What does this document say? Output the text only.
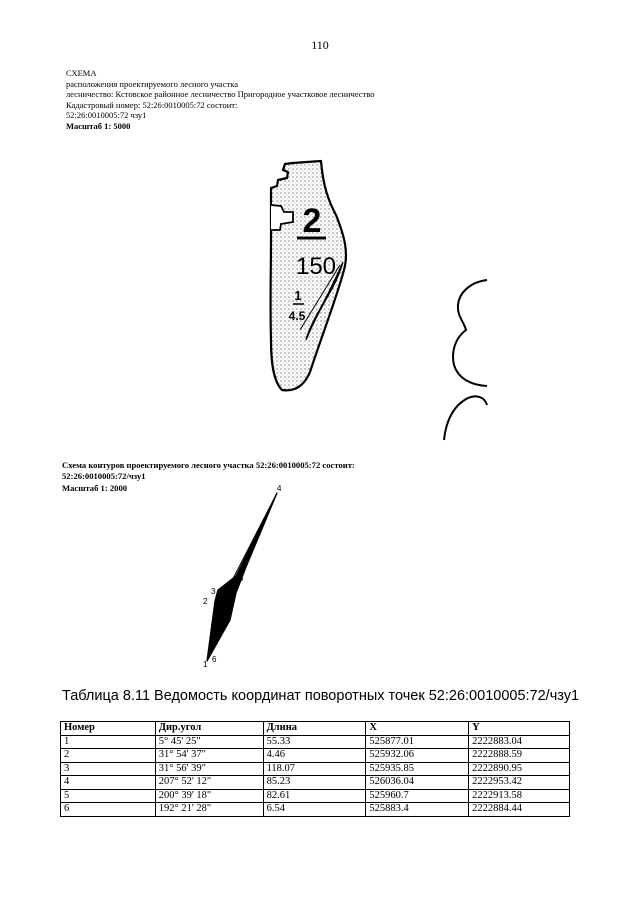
110
СХЕМА
расположения проектируемого лесного участка
лесничество: Кстовское районное лесничество Пригородное участковое лесничество
Кадастровый номер: 52:26:0010005:72 состоит:
52:26:0010005:72 чзу1
Масштаб 1: 5000
2
150
1
4.5
Схема контуров проектируемого лесного участка 52:26:0010005:72 состоит:
52:26:0010005:72/чзу1
Масштаб 1: 2000	4
5
3
2
1
6
Таблица 8.11 Ведомость координат поворотных точек 52:26:0010005:72/чзу1
Номер	Дир.угол	Длина	X	Y
1	5° 45' 25"	55.33	525877.01	2222883.04
2	31° 54' 37"	4.46	525932.06	2222888.59
3	31° 56' 39"	118.07	525935.85	2222890.95
4	207° 52' 12"	85.23	526036.04	2222953.42
5	200° 39' 18"	82.61	525960.7	2222913.58
6	192° 21' 28"	6.54	525883.4	2222884.44
